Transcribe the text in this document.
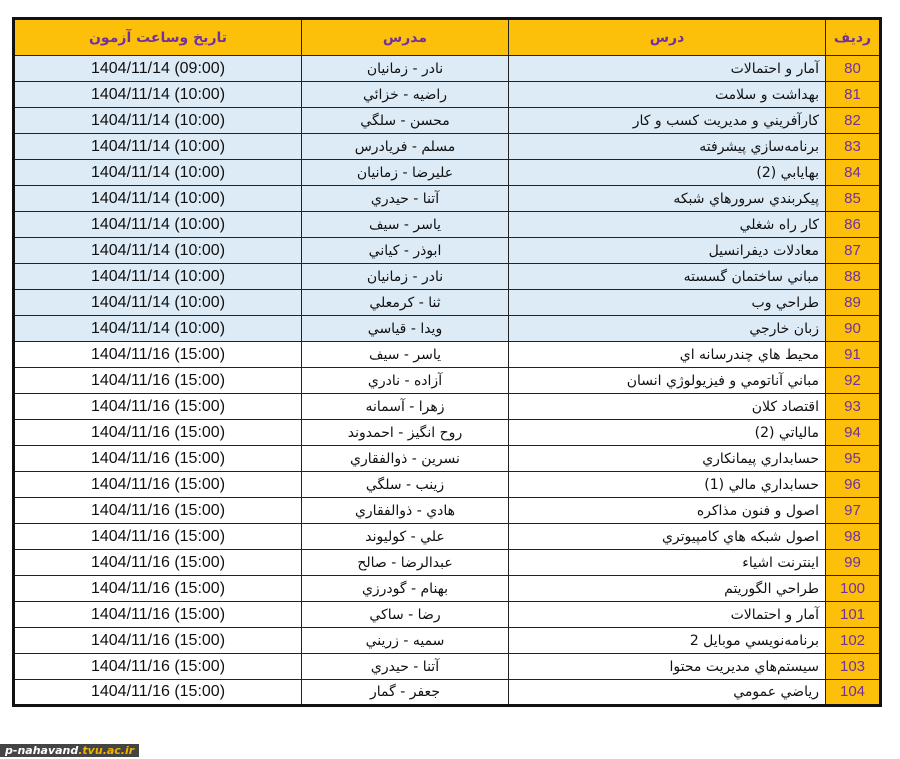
ردیف	درس	مدرس	تاریخ وساعت آزمون
80	آمار و احتمالات	نادر - زمانيان	1404/11/14 (09:00)
81	بهداشت و سلامت	راضيه - خزائي	1404/11/14 (10:00)
82	کارآفريني و مديريت کسب و کار	محسن - سلگي	1404/11/14 (10:00)
83	برنامه‌سازي پيشرفته	مسلم - فريادرس	1404/11/14 (10:00)
84	بهايابي (2)	عليرضا - زمانيان	1404/11/14 (10:00)
85	پيکربندي سرورهاي شبکه	آتنا - حيدري	1404/11/14 (10:00)
86	کار راه شغلي	ياسر - سيف	1404/11/14 (10:00)
87	معادلات ديفرانسيل	ابوذر - کياني	1404/11/14 (10:00)
88	مباني ساختمان گسسته	نادر - زمانيان	1404/11/14 (10:00)
89	طراحي وب	ثنا - کرمعلي	1404/11/14 (10:00)
90	زبان خارجي	ويدا - قياسي	1404/11/14 (10:00)
91	محيط هاي چندرسانه اي	ياسر - سيف	1404/11/16 (15:00)
92	مباني آناتومي و فيزيولوژي انسان	آزاده - نادري	1404/11/16 (15:00)
93	اقتصاد کلان	زهرا - آسمانه	1404/11/16 (15:00)
94	مالياتي (2)	روح انگيز - احمدوند	1404/11/16 (15:00)
95	حسابداري پيمانکاري	نسرين - ذوالفقاري	1404/11/16 (15:00)
96	حسابداري مالي (1)	زينب - سلگي	1404/11/16 (15:00)
97	اصول و فنون مذاکره	هادي - ذوالفقاري	1404/11/16 (15:00)
98	اصول شبکه هاي کامپيوتري	علي - کوليوند	1404/11/16 (15:00)
99	اينترنت اشياء	عبدالرضا - صالح	1404/11/16 (15:00)
100	طراحي الگوريتم	بهنام - گودرزي	1404/11/16 (15:00)
101	آمار و احتمالات	رضا - ساکي	1404/11/16 (15:00)
102	برنامه‌نويسي موبايل 2	سميه - زريني	1404/11/16 (15:00)
103	سيستم‌هاي مديريت محتوا	آتنا - حيدري	1404/11/16 (15:00)
104	رياضي عمومي	جعفر - گمار	1404/11/16 (15:00)
p-nahavand.tvu.ac.ir
